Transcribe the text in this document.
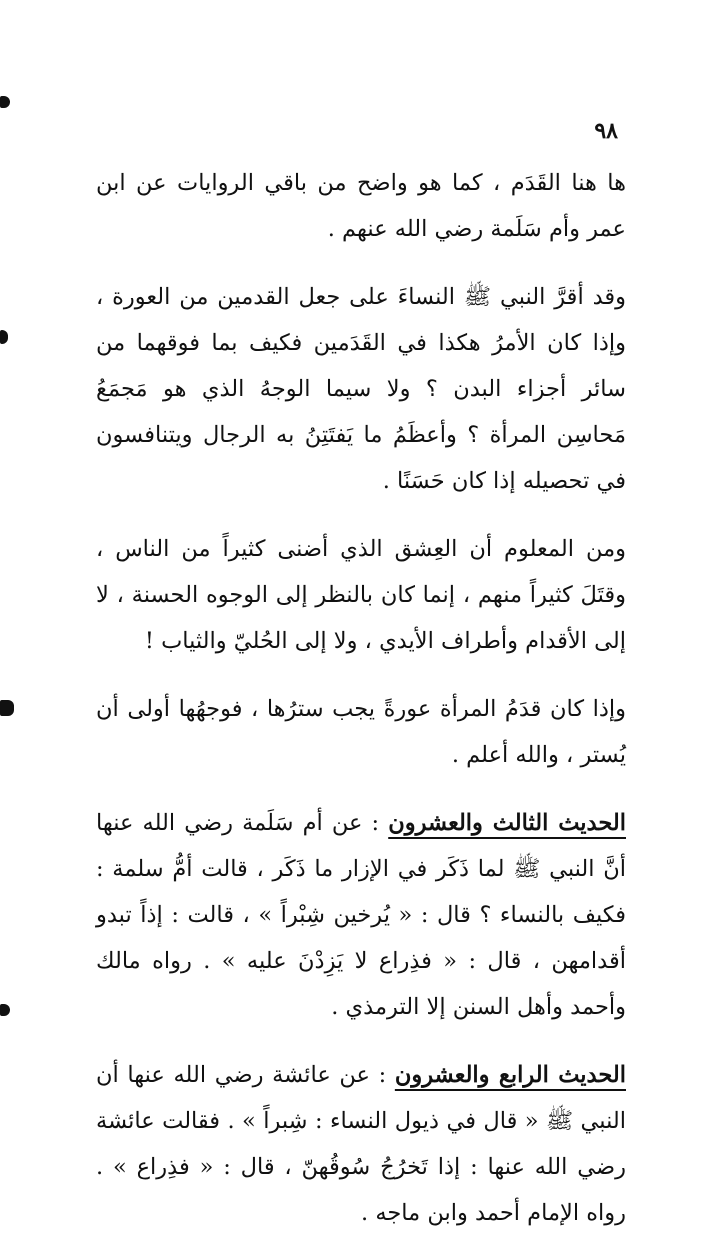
٩٨

ها هنا القَدَم ، كما هو واضح من باقي الروايات عن ابن عمر وأم سَلَمة رضي الله عنهم .

وقد أقرَّ النبي ﷺ النساءَ على جعل القدمين من العورة ، وإذا كان الأمرُ هكذا في القَدَمين فكيف بما فوقهما من سائر أجزاء البدن ؟ ولا سيما الوجهُ الذي هو مَجمَعُ مَحاسِن المرأة ؟ وأعظَمُ ما يَفتَتِنُ به الرجال ويتنافسون في تحصيله إذا كان حَسَنًا .

ومن المعلوم أن العِشق الذي أضنى كثيراً من الناس ، وقتَلَ كثيراً منهم ، إنما كان بالنظر إلى الوجوه الحسنة ، لا إلى الأقدام وأطراف الأيدي ، ولا إلى الحُليّ والثياب !

وإذا كان قدَمُ المرأة عورةً يجب سترُها ، فوجهُها أولى أن يُستر ، والله أعلم .

الحديث الثالث والعشرون : عن أم سَلَمة رضي الله عنها أنَّ النبي ﷺ لما ذَكَر في الإزار ما ذَكَر ، قالت أمُّ سلمة : فكيف بالنساء ؟ قال : « يُرخين شِبْراً » ، قالت : إذاً تبدو أقدامهن ، قال : « فذِراع لا يَزِدْنَ عليه » . رواه مالك وأحمد وأهل السنن إلا الترمذي .

الحديث الرابع والعشرون : عن عائشة رضي الله عنها أن النبي ﷺ « قال في ذيول النساء : شِبراً » . فقالت عائشة رضي الله عنها : إذا تَخرُجُ سُوقُهنّ ، قال : « فذِراع » . رواه الإمام أحمد وابن ماجه .
